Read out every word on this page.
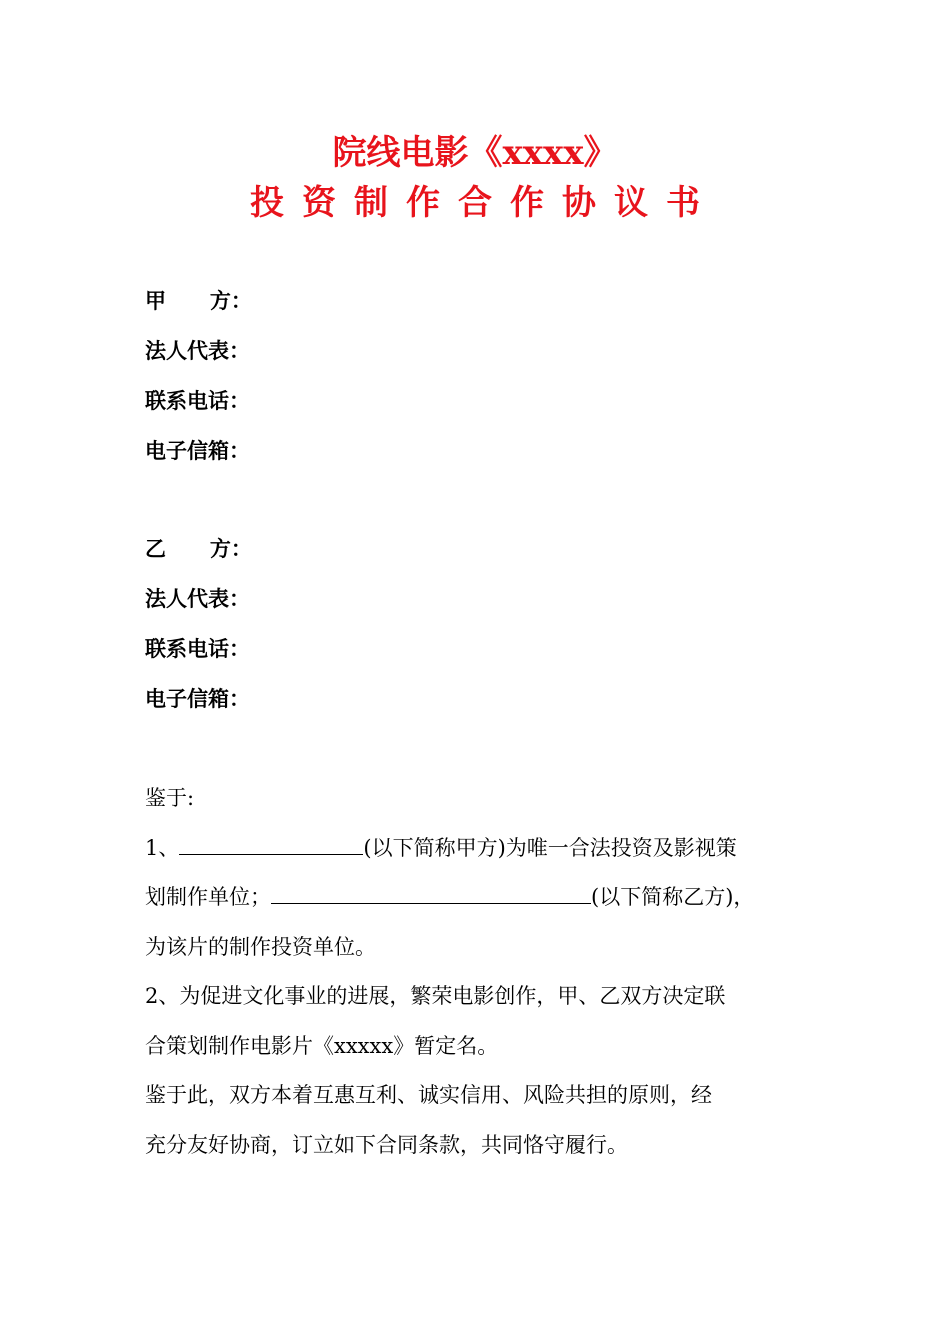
院线电影《xxxx》
投资制作合作协议书
甲      方：
法人代表：
联系电话：
电子信箱：
乙      方：
法人代表：
联系电话：
电子信箱：

鉴于:

1、	(以下简称甲方)为唯一合法投资及影视策

划制作单位；	(以下简称乙方)，

为该片的制作投资单位。

2、为促进文化事业的进展，繁荣电影创作，甲、乙双方决定联

合策划制作电影片《xxxxx》暂定名。

鉴于此，双方本着互惠互利、诚实信用、风险共担的原则，经

充分友好协商，订立如下合同条款，共同恪守履行。
